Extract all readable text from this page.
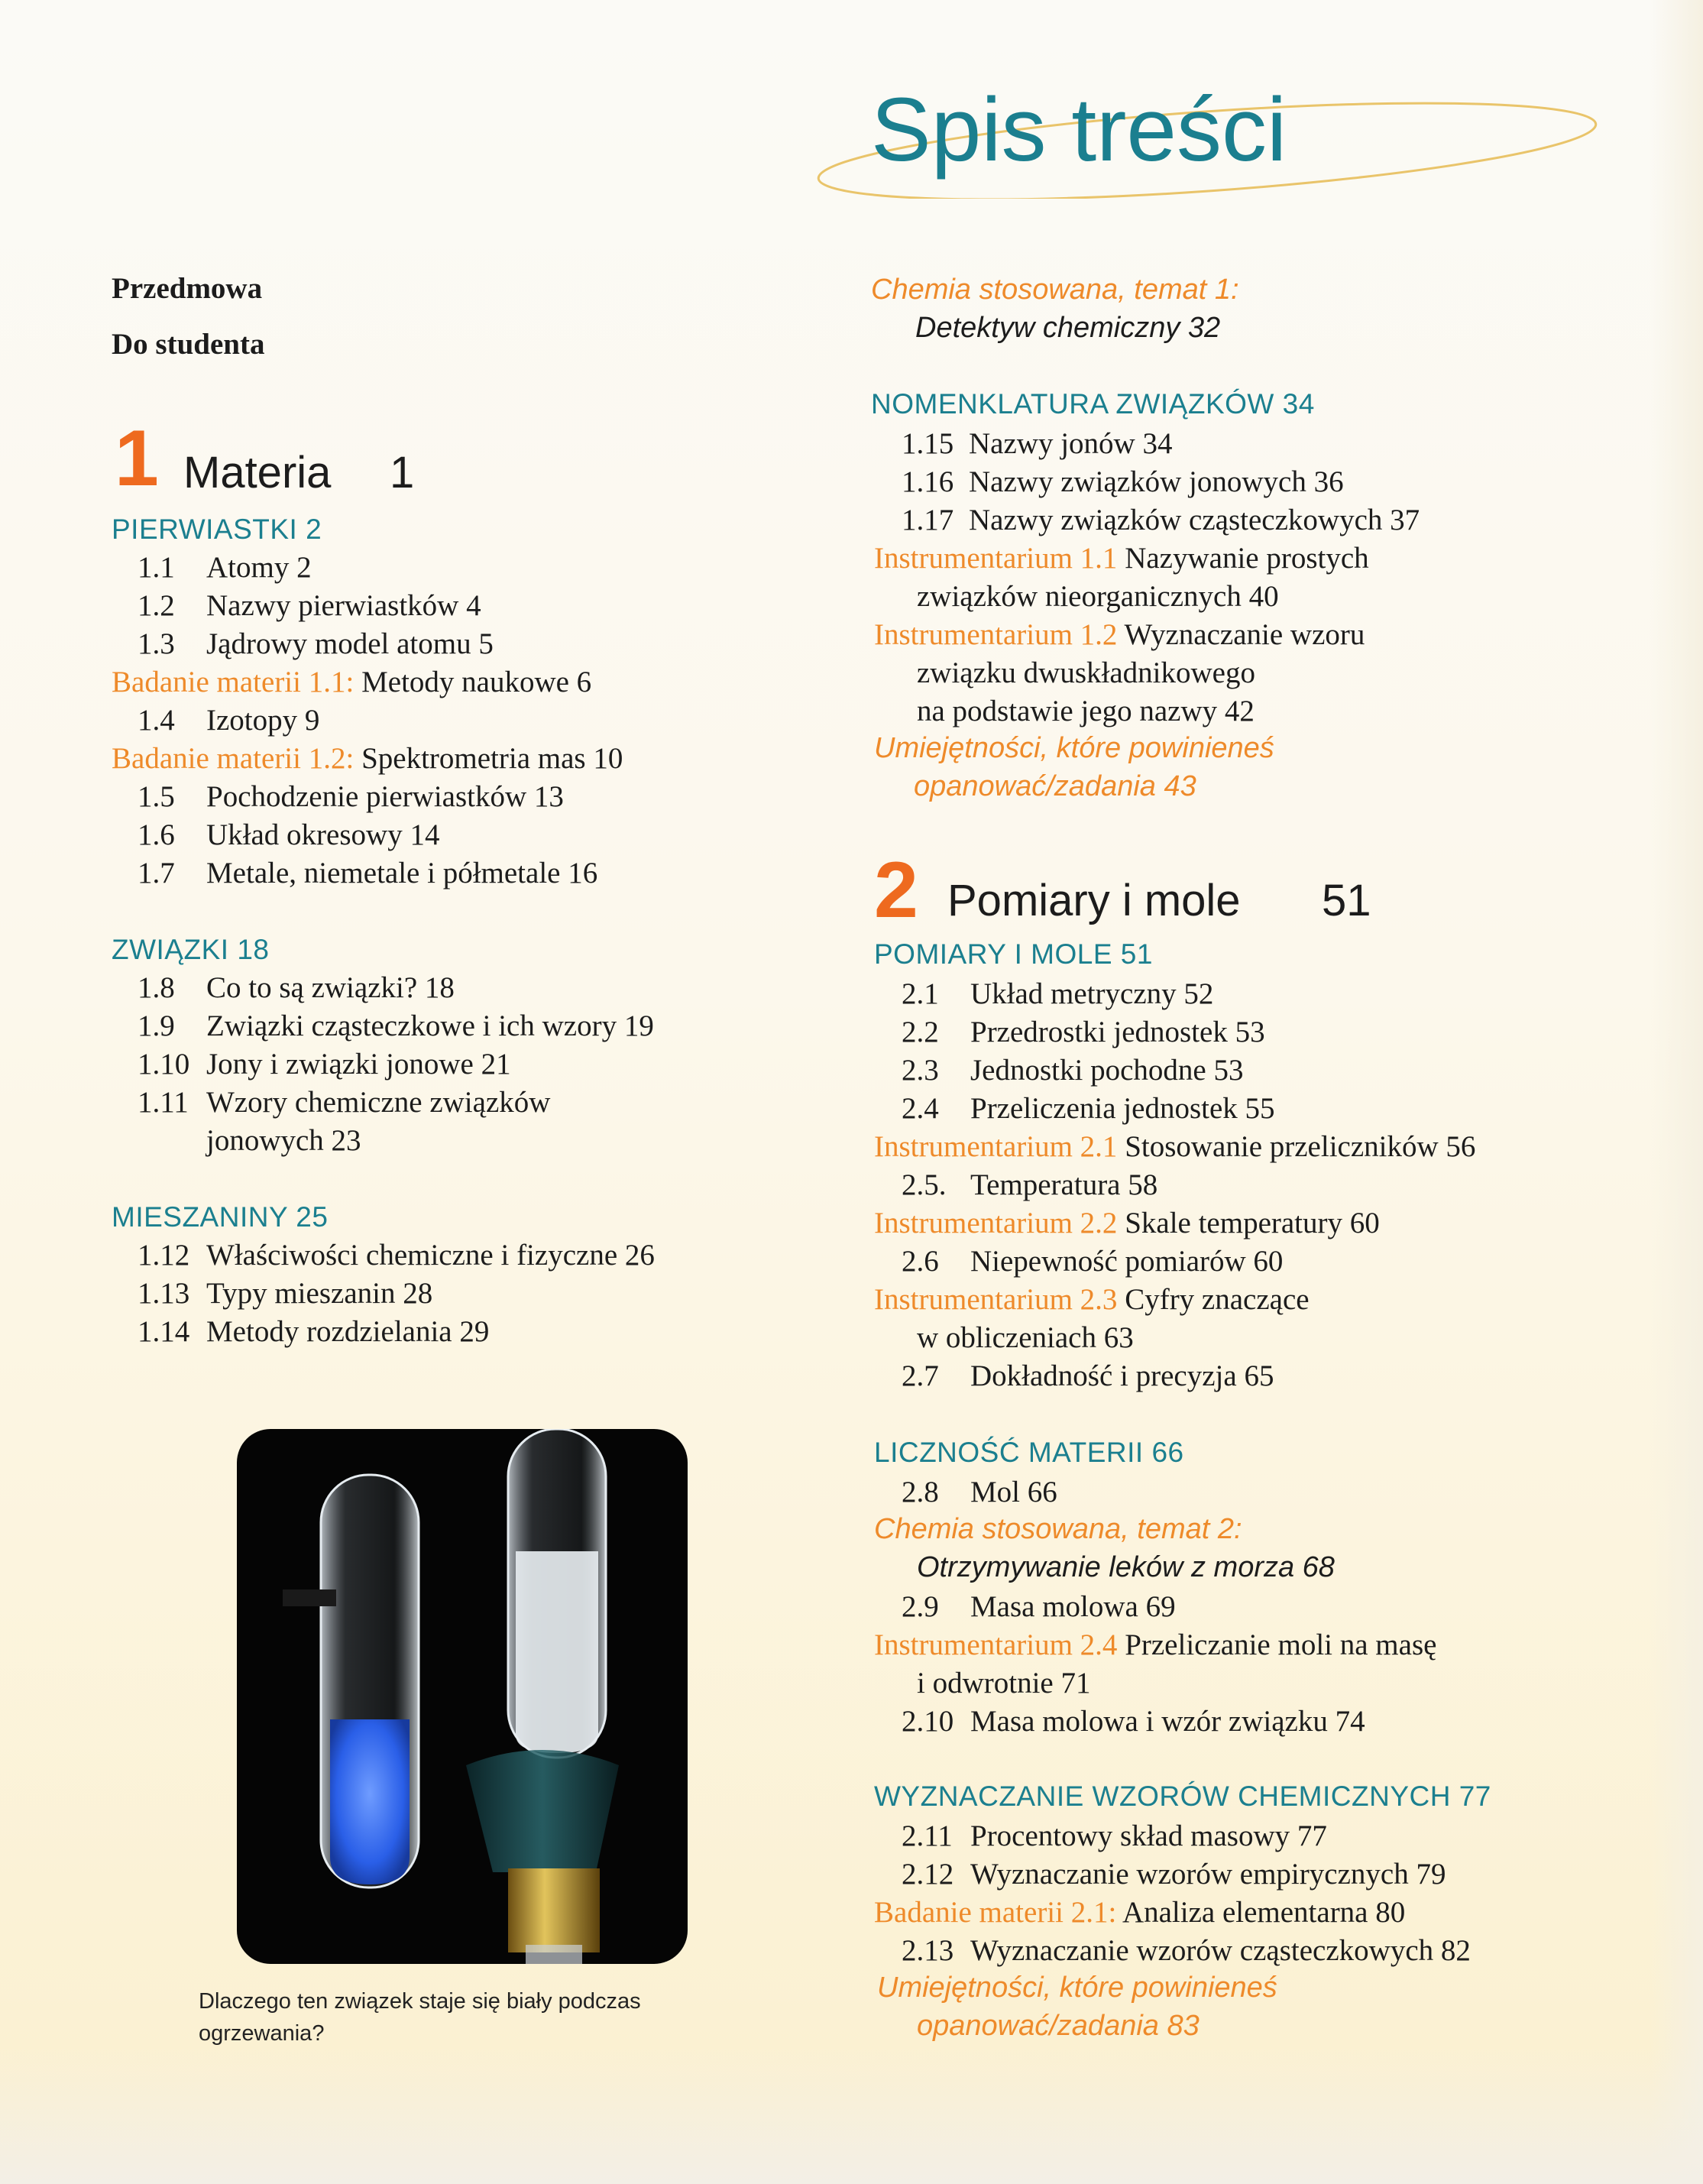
Spis treści
Przedmowa
Do studenta
1 Materia 1
PIERWIASTKI 2
1.1 Atomy 2
1.2 Nazwy pierwiastków 4
1.3 Jądrowy model atomu 5
Badanie materii 1.1: Metody naukowe 6
1.4 Izotopy 9
Badanie materii 1.2: Spektrometria mas 10
1.5 Pochodzenie pierwiastków 13
1.6 Układ okresowy 14
1.7 Metale, niemetale i półmetale 16
ZWIĄZKI 18
1.8 Co to są związki? 18
1.9 Związki cząsteczkowe i ich wzory 19
1.10 Jony i związki jonowe 21
1.11 Wzory chemiczne związków
jonowych 23
MIESZANINY 25
1.12 Właściwości chemiczne i fizyczne 26
1.13 Typy mieszanin 28
1.14 Metody rozdzielania 29
Dlaczego ten związek staje się biały podczas
ogrzewania?
Chemia stosowana, temat 1:
Detektyw chemiczny 32
NOMENKLATURA ZWIĄZKÓW 34
1.15 Nazwy jonów 34
1.16 Nazwy związków jonowych 36
1.17 Nazwy związków cząsteczkowych 37
Instrumentarium 1.1 Nazywanie prostych
związków nieorganicznych 40
Instrumentarium 1.2 Wyznaczanie wzoru
związku dwuskładnikowego
na podstawie jego nazwy 42
Umiejętności, które powinieneś
opanować/zadania 43
2 Pomiary i mole 51
POMIARY I MOLE 51
2.1 Układ metryczny 52
2.2 Przedrostki jednostek 53
2.3 Jednostki pochodne 53
2.4 Przeliczenia jednostek 55
Instrumentarium 2.1 Stosowanie przeliczników 56
2.5. Temperatura 58
Instrumentarium 2.2 Skale temperatury 60
2.6 Niepewność pomiarów 60
Instrumentarium 2.3 Cyfry znaczące
w obliczeniach 63
2.7 Dokładność i precyzja 65
LICZNOŚĆ MATERII 66
2.8 Mol 66
Chemia stosowana, temat 2:
Otrzymywanie leków z morza 68
2.9 Masa molowa 69
Instrumentarium 2.4 Przeliczanie moli na masę
i odwrotnie 71
2.10 Masa molowa i wzór związku 74
WYZNACZANIE WZORÓW CHEMICZNYCH 77
2.11 Procentowy skład masowy 77
2.12 Wyznaczanie wzorów empirycznych 79
Badanie materii 2.1: Analiza elementarna 80
2.13 Wyznaczanie wzorów cząsteczkowych 82
Umiejętności, które powinieneś
opanować/zadania 83
